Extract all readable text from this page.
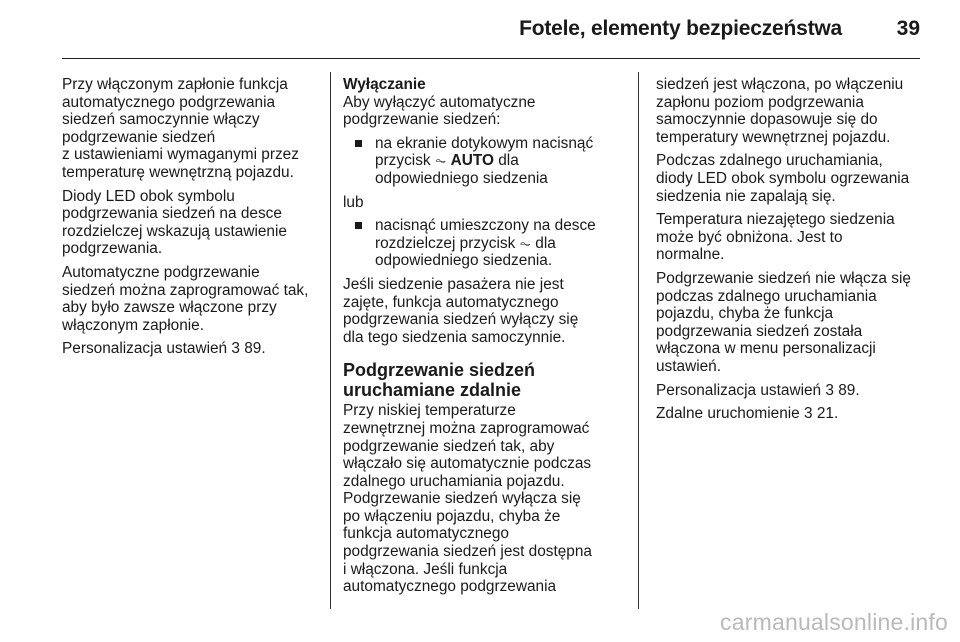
Fotele, elementy bezpieczeństwa	39

Przy włączonym zapłonie funkcja
automatycznego podgrzewania
siedzeń samoczynnie włączy
podgrzewanie siedzeń
z ustawieniami wymaganymi przez
temperaturę wewnętrzną pojazdu.

Diody LED obok symbolu
podgrzewania siedzeń na desce
rozdzielczej wskazują ustawienie
podgrzewania.

Automatyczne podgrzewanie
siedzeń można zaprogramować tak,
aby było zawsze włączone przy
włączonym zapłonie.

Personalizacja ustawień 3 89.

Wyłączanie

Aby wyłączyć automatyczne
podgrzewanie siedzeń:

na ekranie dotykowym nacisnąć
przycisk ⏦ AUTO dla
odpowiedniego siedzenia

lub

nacisnąć umieszczony na desce
rozdzielczej przycisk ⏦ dla
odpowiedniego siedzenia.

Jeśli siedzenie pasażera nie jest
zajęte, funkcja automatycznego
podgrzewania siedzeń wyłączy się
dla tego siedzenia samoczynnie.

Podgrzewanie siedzeń
uruchamiane zdalnie

Przy niskiej temperaturze
zewnętrznej można zaprogramować
podgrzewanie siedzeń tak, aby
włączało się automatycznie podczas
zdalnego uruchamiania pojazdu.
Podgrzewanie siedzeń wyłącza się
po włączeniu pojazdu, chyba że
funkcja automatycznego
podgrzewania siedzeń jest dostępna
i włączona. Jeśli funkcja
automatycznego podgrzewania

siedzeń jest włączona, po włączeniu
zapłonu poziom podgrzewania
samoczynnie dopasowuje się do
temperatury wewnętrznej pojazdu.

Podczas zdalnego uruchamiania,
diody LED obok symbolu ogrzewania
siedzenia nie zapalają się.

Temperatura niezajętego siedzenia
może być obniżona. Jest to
normalne.

Podgrzewanie siedzeń nie włącza się
podczas zdalnego uruchamiania
pojazdu, chyba że funkcja
podgrzewania siedzeń została
włączona w menu personalizacji
ustawień.

Personalizacja ustawień 3 89.

Zdalne uruchomienie 3 21.

carmanualsonline.info
